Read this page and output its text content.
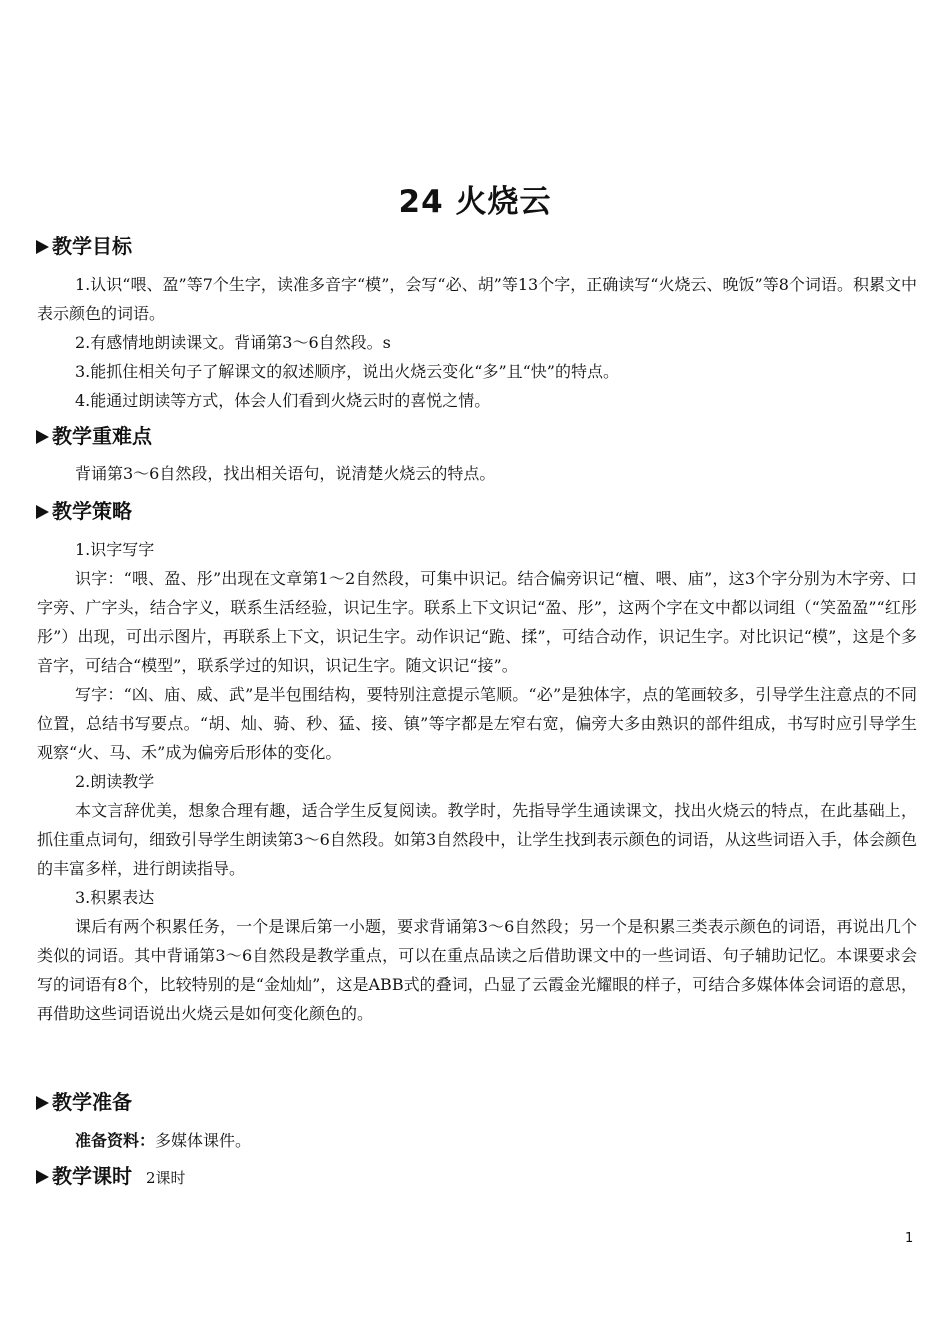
24 火烧云
教学目标

1.认识“喂、盈”等7个生字，读准多音字“模”，会写“必、胡”等13个字，正确读写“火烧云、晚饭”等8个词语。积累文中表示颜色的词语。

2.有感情地朗读课文。背诵第3～6自然段。s

3.能抓住相关句子了解课文的叙述顺序，说出火烧云变化“多”且“快”的特点。

4.能通过朗读等方式，体会人们看到火烧云时的喜悦之情。

教学重难点

背诵第3～6自然段，找出相关语句，说清楚火烧云的特点。

教学策略

1.识字写字

识字：“喂、盈、彤”出现在文章第1～2自然段，可集中识记。结合偏旁识记“檀、喂、庙”，这3个字分别为木字旁、口字旁、广字头，结合字义，联系生活经验，识记生字。联系上下文识记“盈、彤”，这两个字在文中都以词组（“笑盈盈”“红彤彤”）出现，可出示图片，再联系上下文，识记生字。动作识记“跪、揉”，可结合动作，识记生字。对比识记“模”，这是个多音字，可结合“模型”，联系学过的知识，识记生字。随文识记“接”。

写字：“凶、庙、威、武”是半包围结构，要特别注意提示笔顺。“必”是独体字，点的笔画较多，引导学生注意点的不同位置，总结书写要点。“胡、灿、骑、秒、猛、接、镇”等字都是左窄右宽，偏旁大多由熟识的部件组成，书写时应引导学生观察“火、马、禾”成为偏旁后形体的变化。

2.朗读教学

本文言辞优美，想象合理有趣，适合学生反复阅读。教学时，先指导学生通读课文，找出火烧云的特点，在此基础上，抓住重点词句，细致引导学生朗读第3～6自然段。如第3自然段中，让学生找到表示颜色的词语，从这些词语入手，体会颜色的丰富多样，进行朗读指导。

3.积累表达

课后有两个积累任务，一个是课后第一小题，要求背诵第3～6自然段；另一个是积累三类表示颜色的词语，再说出几个类似的词语。其中背诵第3～6自然段是教学重点，可以在重点品读之后借助课文中的一些词语、句子辅助记忆。本课要求会写的词语有8个，比较特别的是“金灿灿”，这是ABB式的叠词，凸显了云霞金光耀眼的样子，可结合多媒体体会词语的意思，再借助这些词语说出火烧云是如何变化颜色的。

教学准备

准备资料：多媒体课件。

教学课时 2课时
1
